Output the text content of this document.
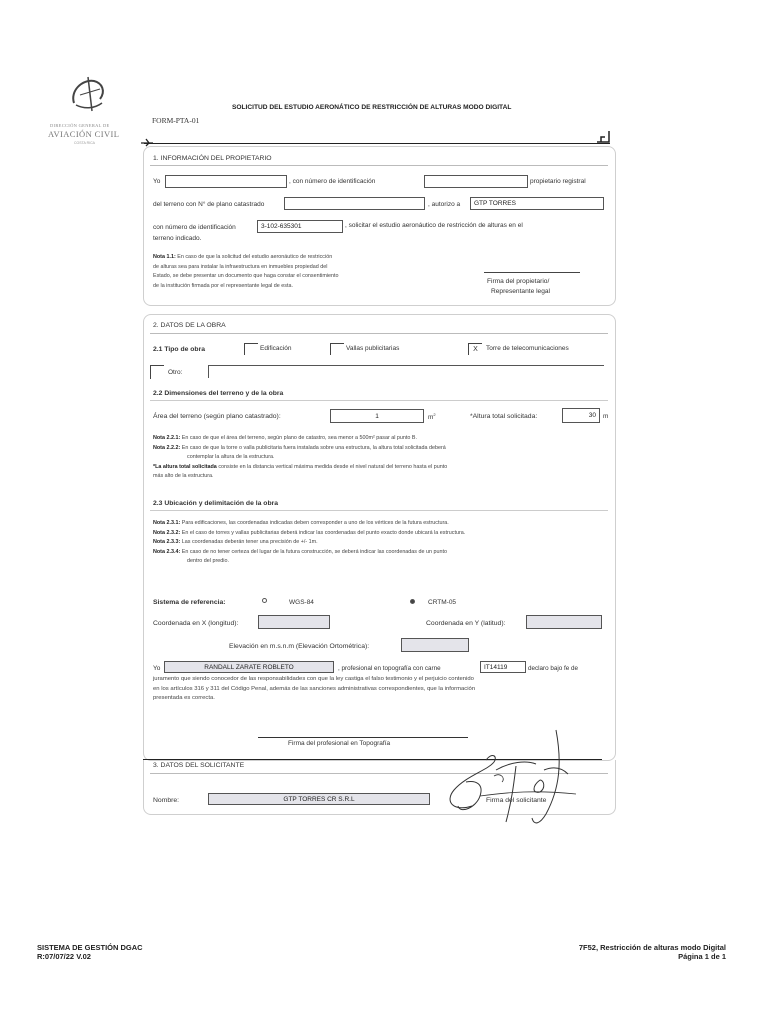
DIRECCIÓN GENERAL DE
AVIACIÓN CIVIL
COSTA RICA
FORM-PTA-01
SOLICITUD DEL ESTUDIO AERONÁTICO DE RESTRICCIÓN DE ALTURAS MODO DIGITAL
1. INFORMACIÓN DEL PROPIETARIO
Yo	, con número de identificación	propietario registral
del terreno con N° de plano catastrado	, autorizo a	GTP TORRES
con número de identificación	3-102-635301	, solicitar el estudio aeronáutico de restricción de alturas en el
terreno indicado.
Nota 1.1: En caso de que la solicitud del estudio aeronáutico de restricción
de alturas sea para instalar la infraestructura en inmuebles propiedad del
Estado, se debe presentar un documento que haga constar el consentimiento
de la institución firmada por el representante legal de esta.
Firma del propietario/
Representante legal
2. DATOS DE LA OBRA
2.1 Tipo de obra	Edificación	Vallas publicitarias	X	Torre de telecomunicaciones
Otro:
2.2 Dimensiones del terreno y de la obra
Área del terreno (según plano catastrado):	1	$m^2$	*Altura total solicitada:	30 m
Nota 2.2.1: En caso de que el área del terreno, según plano de catastro, sea menor a 500m² pasar al punto B.
Nota 2.2.2: En caso de que la torre o valla publicitaria fuera instalada sobre una estructura, la altura total solicitada deberá
contemplar la altura de la estructura.
*La altura total solicitada consiste en la distancia vertical máxima medida desde el nivel natural del terreno hasta el punto
más alto de la estructura.
2.3 Ubicación y delimitación de la obra
Nota 2.3.1: Para edificaciones, las coordenadas indicadas deben corresponder a uno de los vértices de la futura estructura.
Nota 2.3.2: En el caso de torres y vallas publicitarias deberá indicar las coordenadas del punto exacto donde ubicará la estructura.
Nota 2.3.3: Las coordenadas deberán tener una precisión de +/- 1m.
Nota 2.3.4: En caso de no tener certeza del lugar de la futura construcción, se deberá indicar las coordenadas de un punto
dentro del predio.
Sistema de referencia:	WGS-84	CRTM-05
Coordenada en X (longitud):	Coordenada en Y (latitud):
Elevación en m.s.n.m (Elevación Ortométrica):
Yo	RANDALL ZARATE ROBLETO	, profesional en topografía con carne	IT14119	declaro bajo fe de
juramento que siendo conocedor de las responsabilidades con que la ley castiga el falso testimonio y el perjuicio contenido
en los artículos 316 y 311 del Código Penal, además de las sanciones administrativas correspondientes, que la información
presentada es correcta.
Firma del profesional en Topografía
3. DATOS DEL SOLICITANTE
Nombre:	GTP TORRES CR S.R.L	Firma del solicitante
SISTEMA DE GESTIÓN DGAC
R:07/07/22 V.02
7F52, Restricción de alturas modo Digital
Página 1 de 1
